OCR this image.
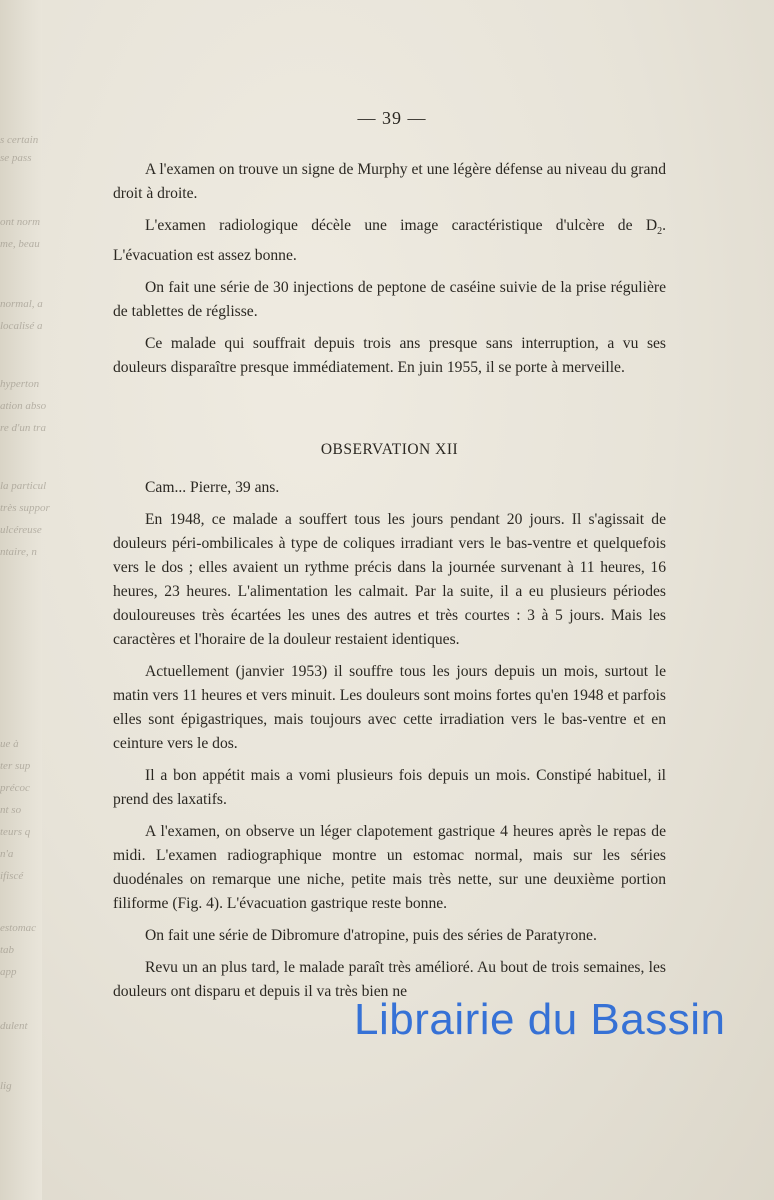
s certain
se pass
ont norm
me, beau
normal, a
localisé a
hyperton
ation abso
re d'un tra
la particul
très suppor
ulcéreuse
ntaire, n
ue à
ter sup
précoc
nt so
teurs q
n'a
ifiscé
estomac
tab
app
dulent
lig
— 39 —

A l'examen on trouve un signe de Murphy et une légère défense au niveau du grand droit à droite.

L'examen radiologique décèle une image caractéristique d'ulcère de $D_2$. L'évacuation est assez bonne.

On fait une série de 30 injections de peptone de caséine suivie de la prise régulière de tablettes de réglisse.

Ce malade qui souffrait depuis trois ans presque sans interruption, a vu ses douleurs disparaître presque immédiatement. En juin 1955, il se porte à merveille.

OBSERVATION XII

Cam... Pierre, 39 ans.

En 1948, ce malade a souffert tous les jours pendant 20 jours. Il s'agissait de douleurs péri-ombilicales à type de coliques irradiant vers le bas-ventre et quelquefois vers le dos ; elles avaient un rythme précis dans la journée survenant à 11 heures, 16 heures, 23 heures. L'alimentation les calmait. Par la suite, il a eu plusieurs périodes douloureuses très écartées les unes des autres et très courtes : 3 à 5 jours. Mais les caractères et l'horaire de la douleur restaient identiques.

Actuellement (janvier 1953) il souffre tous les jours depuis un mois, surtout le matin vers 11 heures et vers minuit. Les douleurs sont moins fortes qu'en 1948 et parfois elles sont épigastriques, mais toujours avec cette irradiation vers le bas-ventre et en ceinture vers le dos.

Il a bon appétit mais a vomi plusieurs fois depuis un mois. Constipé habituel, il prend des laxatifs.

A l'examen, on observe un léger clapotement gastrique 4 heures après le repas de midi. L'examen radiographique montre un estomac normal, mais sur les séries duodénales on remarque une niche, petite mais très nette, sur une deuxième portion filiforme (Fig. 4). L'évacuation gastrique reste bonne.

On fait une série de Dibromure d'atropine, puis des séries de Paratyrone.

Revu un an plus tard, le malade paraît très amélioré. Au bout de trois semaines, les douleurs ont disparu et depuis il va très bien ne

Librairie du Bassin
